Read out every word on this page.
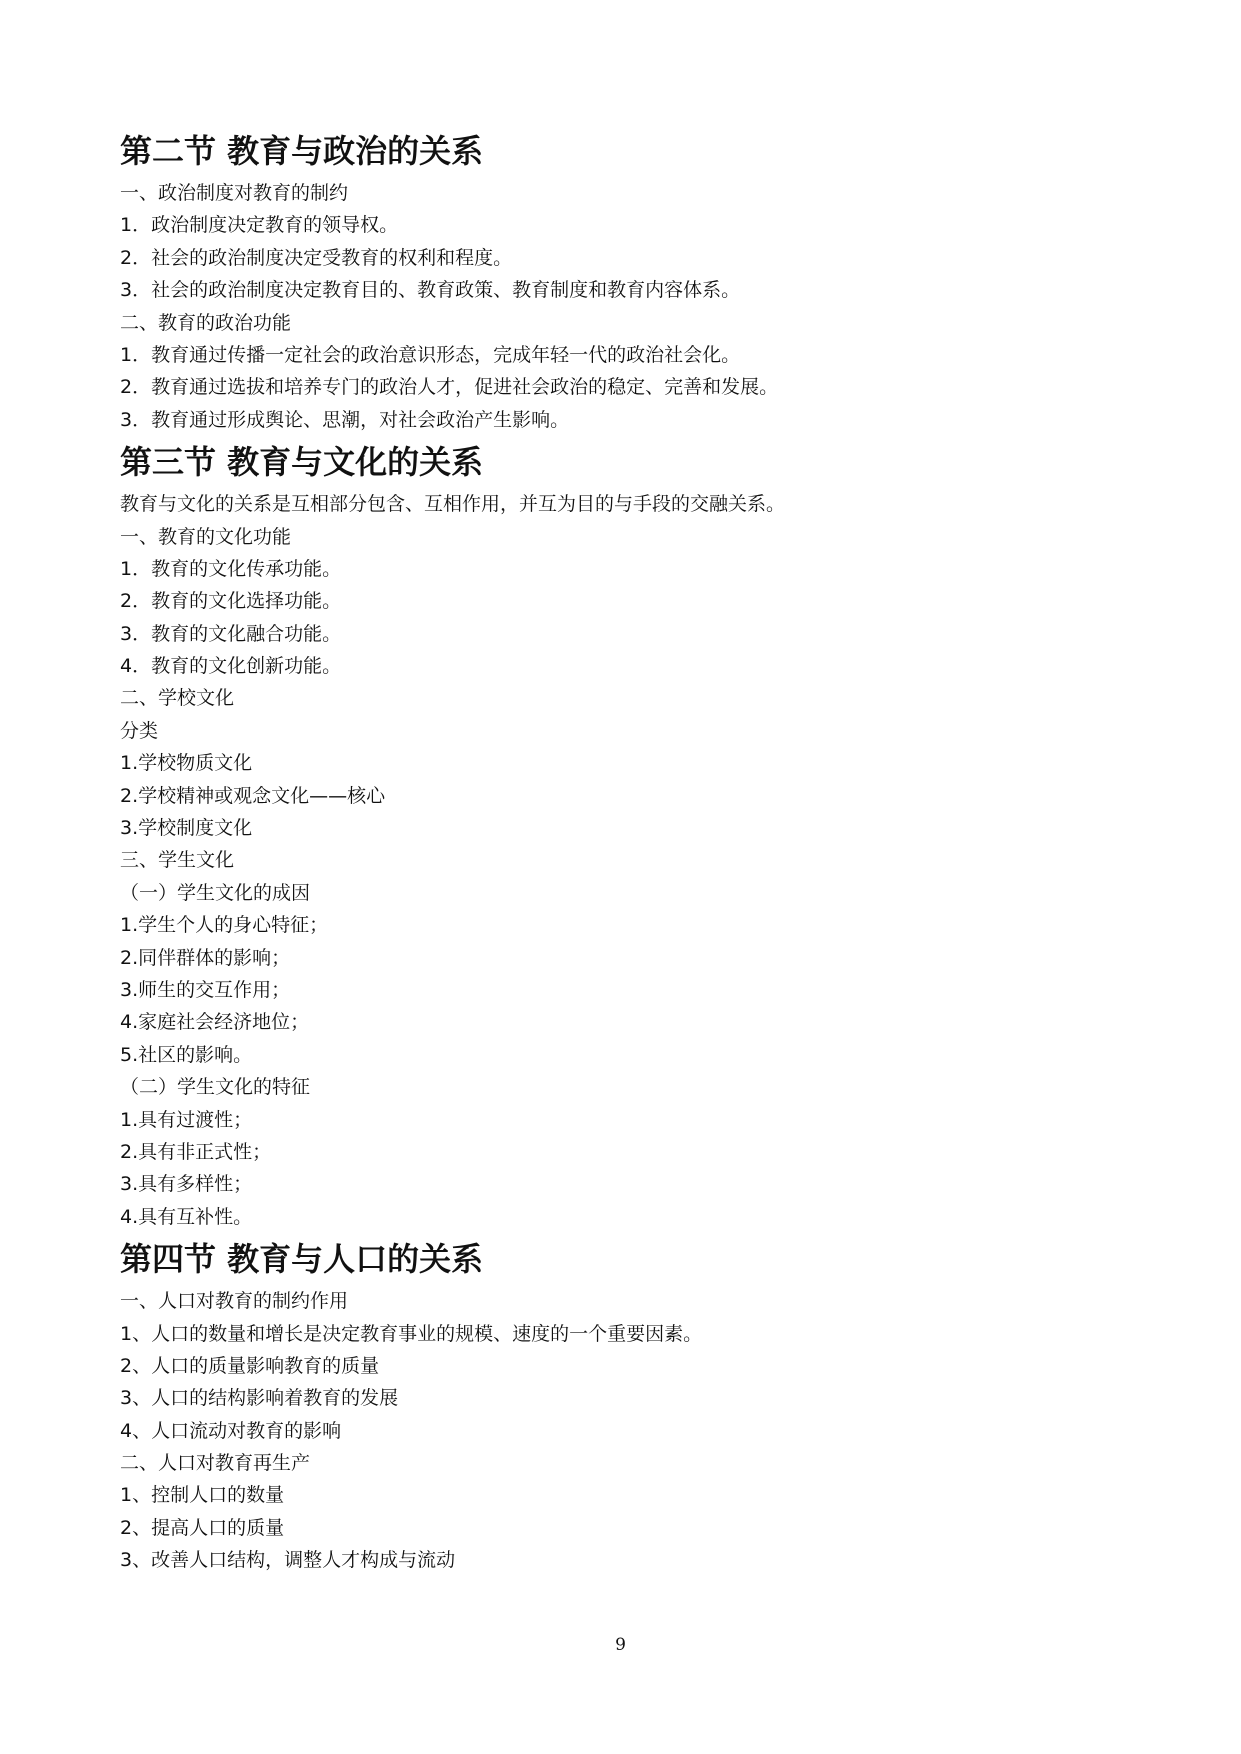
第二节 教育与政治的关系
一、政治制度对教育的制约
1．政治制度决定教育的领导权。
2．社会的政治制度决定受教育的权利和程度。
3．社会的政治制度决定教育目的、教育政策、教育制度和教育内容体系。
二、教育的政治功能
1．教育通过传播一定社会的政治意识形态，完成年轻一代的政治社会化。
2．教育通过选拔和培养专门的政治人才，促进社会政治的稳定、完善和发展。
3．教育通过形成舆论、思潮，对社会政治产生影响。
第三节 教育与文化的关系
教育与文化的关系是互相部分包含、互相作用，并互为目的与手段的交融关系。
一、教育的文化功能
1．教育的文化传承功能。
2．教育的文化选择功能。
3．教育的文化融合功能。
4．教育的文化创新功能。
二、学校文化
分类
1.学校物质文化
2.学校精神或观念文化——核心
3.学校制度文化
三、学生文化
（一）学生文化的成因
1.学生个人的身心特征；
2.同伴群体的影响；
3.师生的交互作用；
4.家庭社会经济地位；
5.社区的影响。
（二）学生文化的特征
1.具有过渡性；
2.具有非正式性；
3.具有多样性；
4.具有互补性。
第四节 教育与人口的关系
一、人口对教育的制约作用
1、人口的数量和增长是决定教育事业的规模、速度的一个重要因素。
2、人口的质量影响教育的质量
3、人口的结构影响着教育的发展
4、人口流动对教育的影响
二、人口对教育再生产
1、控制人口的数量
2、提高人口的质量
3、改善人口结构，调整人才构成与流动
9
